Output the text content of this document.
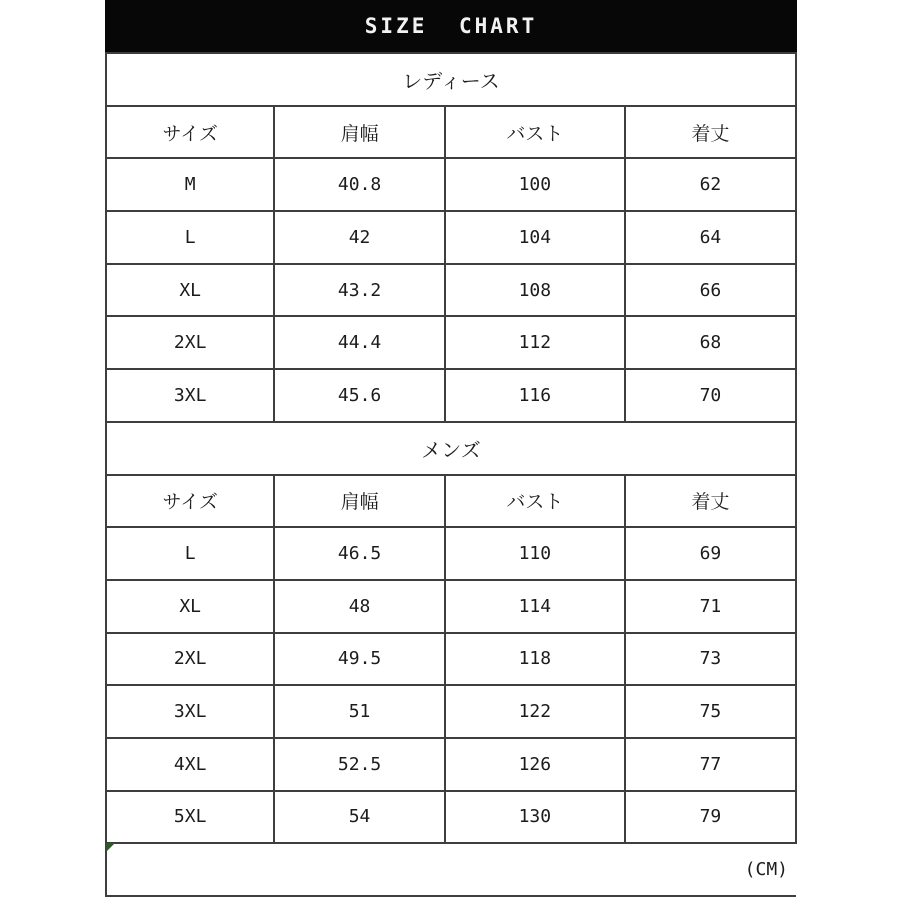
SIZE CHART
レディース			
サイズ	肩幅	バスト	着丈
M	40.8	100	62
L	42	104	64
XL	43.2	108	66
2XL	44.4	112	68
3XL	45.6	116	70
メンズ			
サイズ	肩幅	バスト	着丈
L	46.5	110	69
XL	48	114	71
2XL	49.5	118	73
3XL	51	122	75
4XL	52.5	126	77
5XL	54	130	79
(CM)			
